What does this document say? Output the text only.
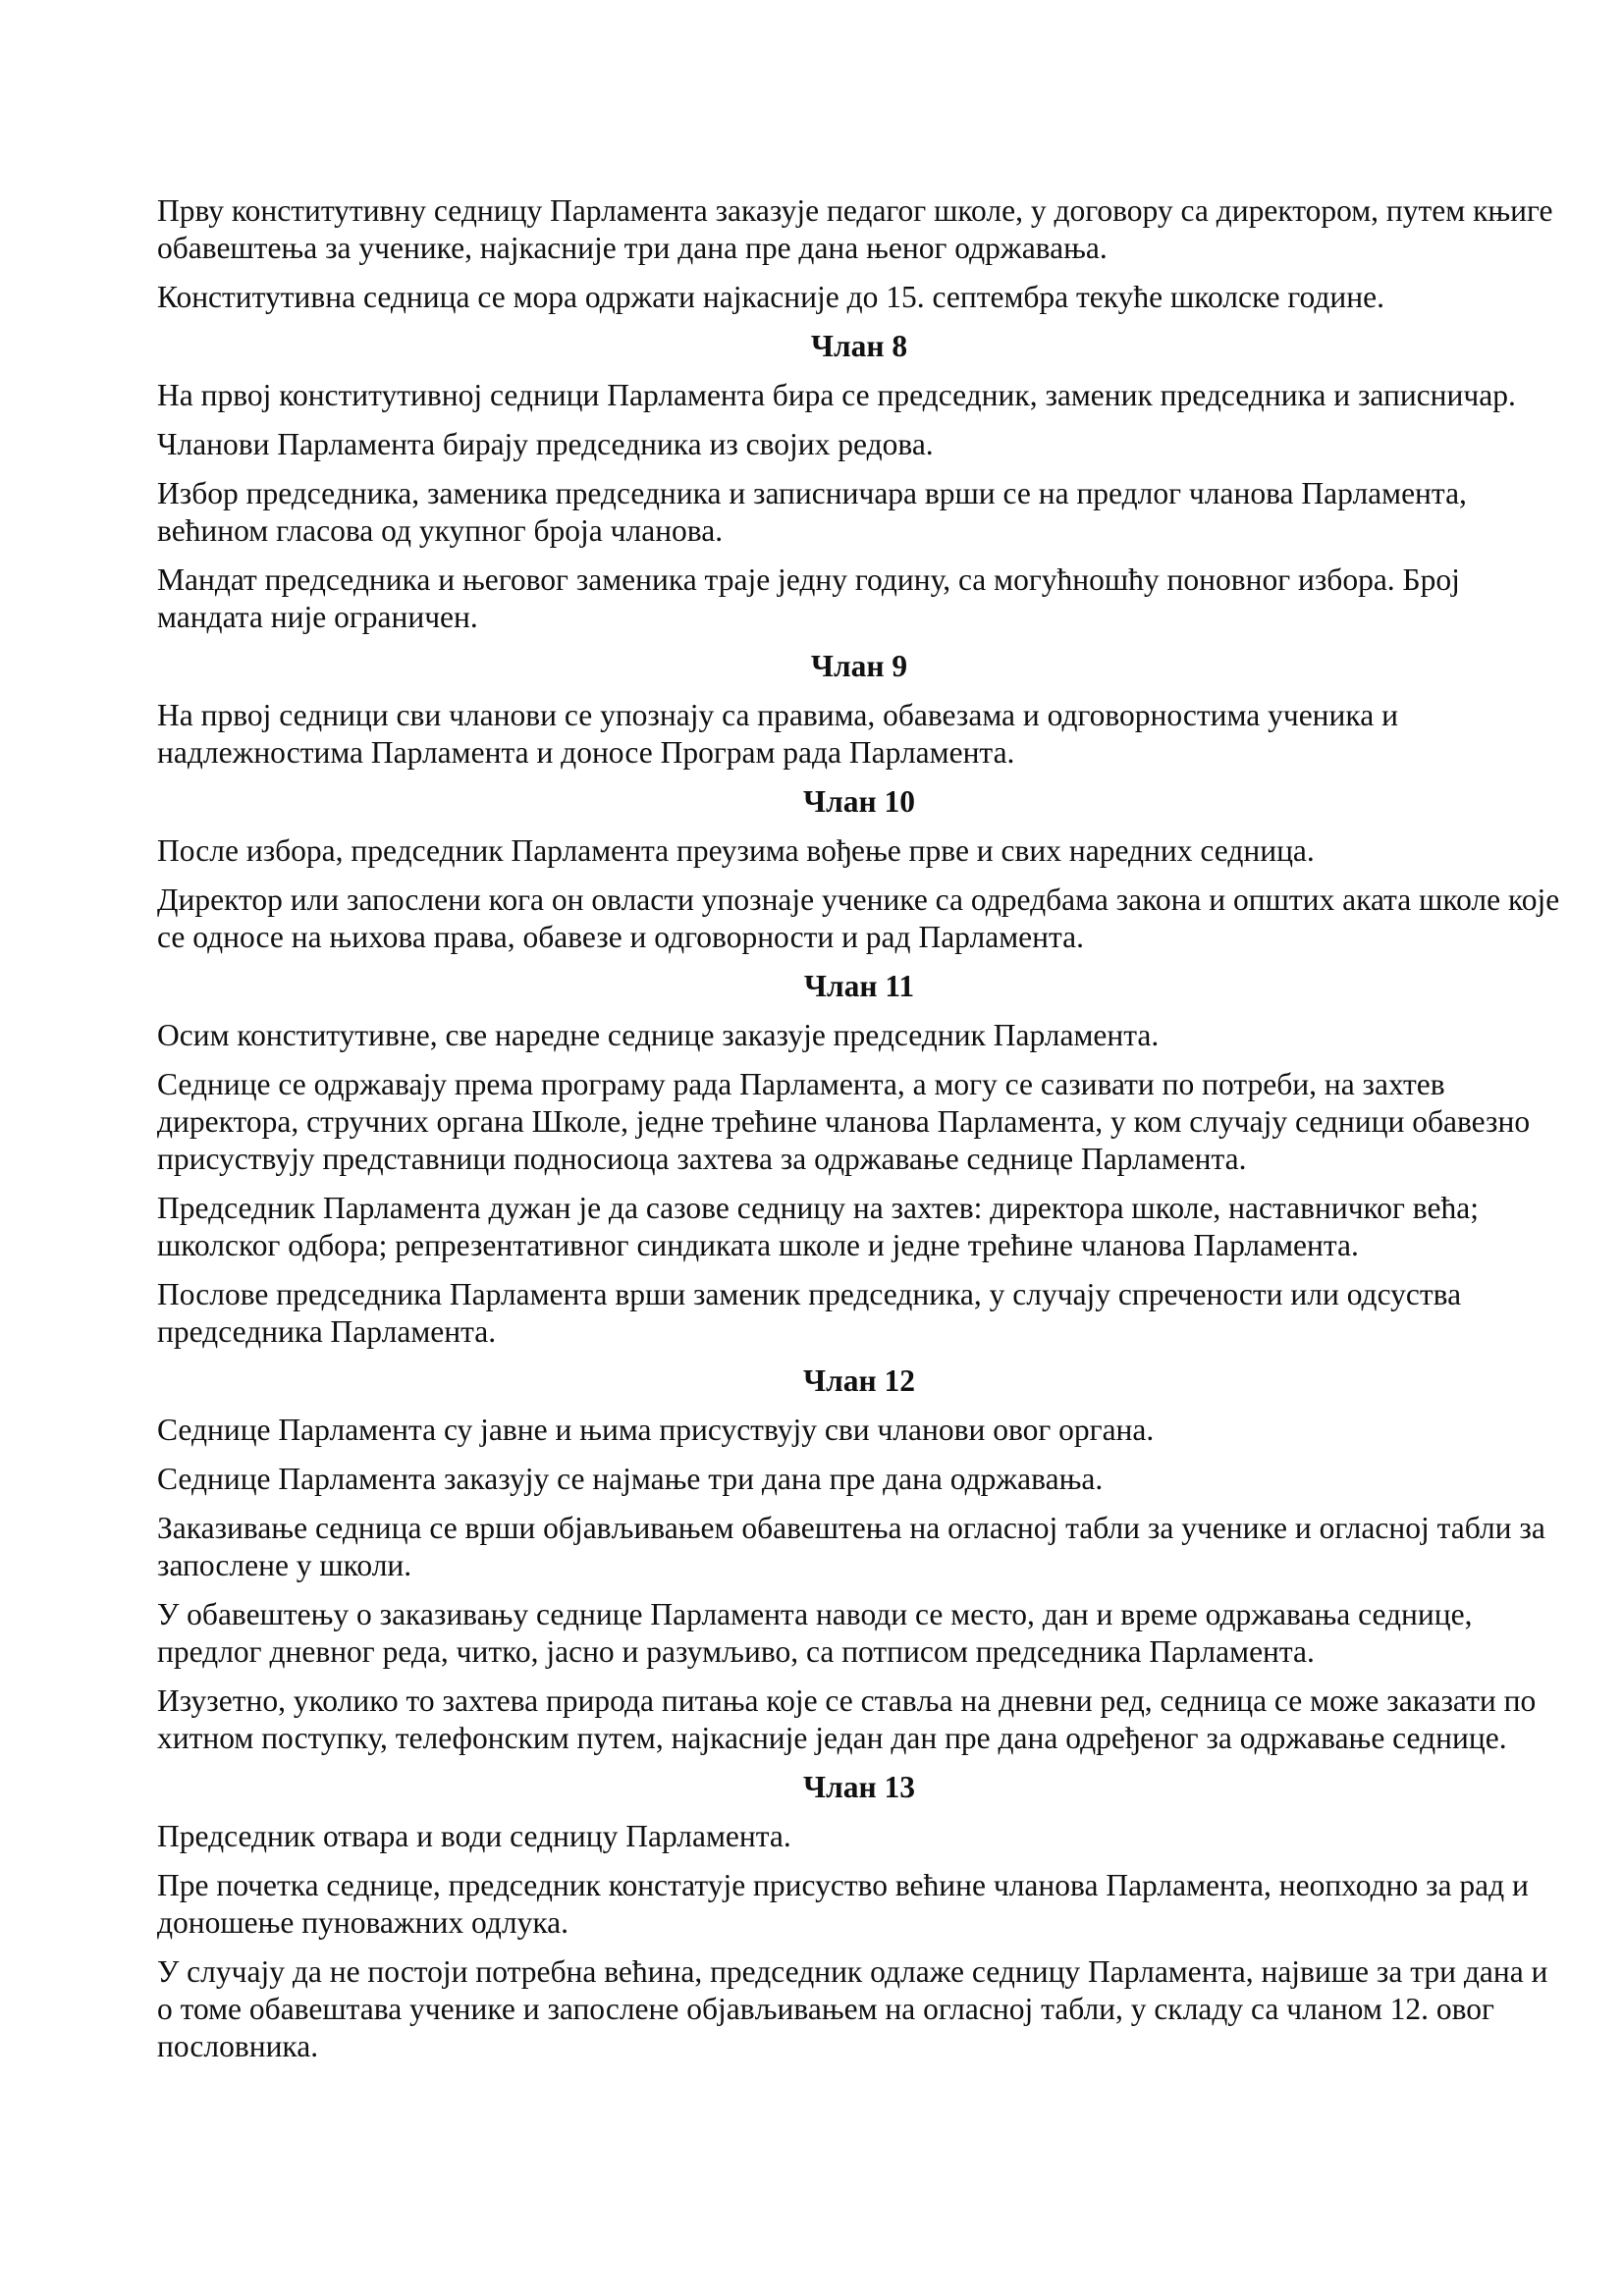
Прву конститутивну седницу Парламента заказује педагог школе, у договору са директором, путем књиге обавештења за ученике, најкасније три дана пре дана њеног одржавања.

Конститутивна седница се мора одржати најкасније до 15. септембра текуће школске године.

Члан 8

На првој конститутивној седници Парламента бира се председник, заменик председника и записничар.

Чланови Парламента бирају председника из својих редова.

Избор председника, заменика председника и записничара врши се на предлог чланова Парламента, већином гласова од укупног броја чланова.

Мандат председника и његовог заменика траје једну годину, са могућношћу поновног избора. Број мандата није ограничен.

Члан 9

На првој седници сви чланови се упознају са правима, обавезама и одговорностима ученика и надлежностима Парламента и доносе Програм рада Парламента.

Члан 10

После избора, председник Парламента преузима вођење прве и свих наредних седница.

Директор или запослени кога он овласти упознаје ученике са одредбама закона и општих аката школе које се односе на њихова права, обавезе и одговорности и рад Парламента.

Члан 11

Осим конститутивне, све наредне седнице заказује председник Парламента.

Седнице се одржавају према програму рада Парламента, а могу се сазивати по потреби, на захтев директора, стручних органа Школе, једне трећине чланова Парламента, у ком случају седници обавезно присуствују представници подносиоца захтева за одржавање седнице Парламента.

Председник Парламента дужан је да сазове седницу на захтев: директора школе, наставничког већа; школског одбора; репрезентативног синдиката школе и једне трећине чланова Парламента.

Послове председника Парламента врши заменик председника, у случају спречености или одсуства председника Парламента.

Члан 12

Седнице Парламента су јавне и њима присуствују сви чланови овог органа.

Седнице Парламента заказују се најмање три дана пре дана одржавања.

Заказивање седница се врши објављивањем обавештења на огласној табли за ученике и огласној табли за запослене у школи.

У обавештењу о заказивању седнице Парламента наводи се место, дан и време одржавања седнице, предлог дневног реда, читко, јасно и разумљиво, са потписом председника Парламента.

Изузетно, уколико то захтева природа питања које се ставља на дневни ред, седница се може заказати по хитном поступку, телефонским путем, најкасније један дан пре дана одређеног за одржавање седнице.

Члан 13

Председник отвара и води седницу Парламента.

Пре почетка седнице, председник констатује присуство већине чланова Парламента, неопходно за рад и доношење пуноважних одлука.

У случају да не постоји потребна већина, председник одлаже седницу Парламента, највише за три дана и о томе обавештава ученике и запослене објављивањем на огласној табли, у складу са чланом 12. овог пословника.
